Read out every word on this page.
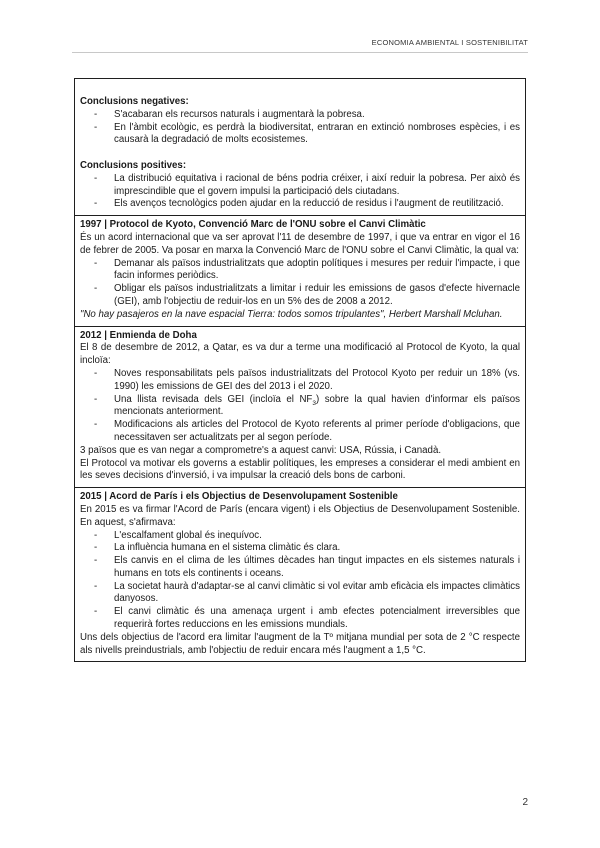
ECONOMIA AMBIENTAL I SOSTENIBILITAT

Conclusions negatives:

- S'acabaran els recursos naturals i augmentarà la pobresa.
- En l'àmbit ecològic, es perdrà la biodiversitat, entraran en extinció nombroses espècies, i es causarà la degradació de molts ecosistemes.

Conclusions positives:

- La distribució equitativa i racional de béns podria créixer, i així reduir la pobresa. Per això és imprescindible que el govern impulsi la participació dels ciutadans.
- Els avenços tecnològics poden ajudar en la reducció de residus i l'augment de reutilització.

1997 | Protocol de Kyoto, Convenció Marc de l'ONU sobre el Canvi Climàtic

És un acord internacional que va ser aprovat l'11 de desembre de 1997, i que va entrar en vigor el 16 de febrer de 2005. Va posar en marxa la Convenció Marc de l'ONU sobre el Canvi Climàtic, la qual va:

- Demanar als països industrialitzats que adoptin polítiques i mesures per reduir l'impacte, i que facin informes periòdics.
- Obligar els països industrialitzats a limitar i reduir les emissions de gasos d'efecte hivernacle (GEI), amb l'objectiu de reduir-los en un 5% des de 2008 a 2012.

"No hay pasajeros en la nave espacial Tierra: todos somos tripulantes", Herbert Marshall Mcluhan.

2012 | Enmienda de Doha

El 8 de desembre de 2012, a Qatar, es va dur a terme una modificació al Protocol de Kyoto, la qual incloïa:

- Noves responsabilitats pels països industrialitzats del Protocol Kyoto per reduir un 18% (vs. 1990) les emissions de GEI des del 2013 i el 2020.
- Una llista revisada dels GEI (incloïa el $NF_3$) sobre la qual havien d'informar els països mencionats anteriorment.
- Modificacions als articles del Protocol de Kyoto referents al primer període d'obligacions, que necessitaven ser actualitzats per al segon període.

3 països que es van negar a comprometre's a aquest canvi: USA, Rússia, i Canadà.

El Protocol va motivar els governs a establir polítiques, les empreses a considerar el medi ambient en les seves decisions d'inversió, i va impulsar la creació dels bons de carboni.

2015 | Acord de París i els Objectius de Desenvolupament Sostenible

En 2015 es va firmar l'Acord de París (encara vigent) i els Objectius de Desenvolupament Sostenible. En aquest, s'afirmava:

- L'escalfament global és inequívoc.
- La influència humana en el sistema climàtic és clara.
- Els canvis en el clima de les últimes dècades han tingut impactes en els sistemes naturals i humans en tots els continents i oceans.
- La societat haurà d'adaptar-se al canvi climàtic si vol evitar amb eficàcia els impactes climàtics danyosos.
- El canvi climàtic és una amenaça urgent i amb efectes potencialment irreversibles que requerirà fortes reduccions en les emissions mundials.

Uns dels objectius de l'acord era limitar l'augment de la Tº mitjana mundial per sota de 2 °C respecte als nivells preindustrials, amb l'objectiu de reduir encara més l'augment a 1,5 °C.

2
